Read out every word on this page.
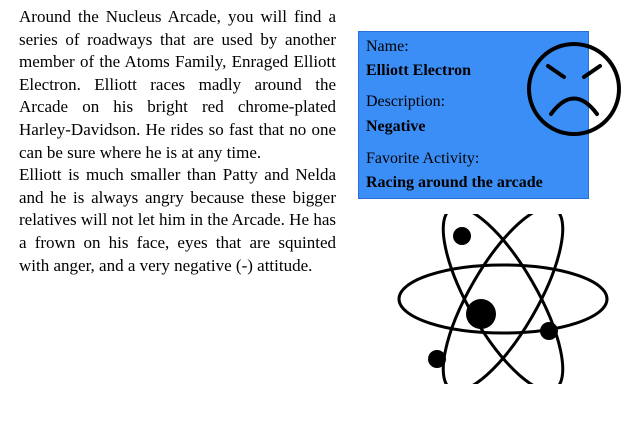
Around the Nucleus Arcade, you will find a series of roadways that are used by another member of the Atoms Family, Enraged Elliott Electron. Elliott races madly around the Arcade on his bright red chrome-plated Harley-Davidson. He rides so fast that no one can be sure where he is at any time.

Elliott is much smaller than Patty and Nelda and he is always angry because these bigger relatives will not let him in the Arcade. He has a frown on his face, eyes that are squinted with anger, and a very negative (-) attitude.

Name:
Elliott Electron
Description:
Negative
Favorite Activity:
Racing around the arcade
